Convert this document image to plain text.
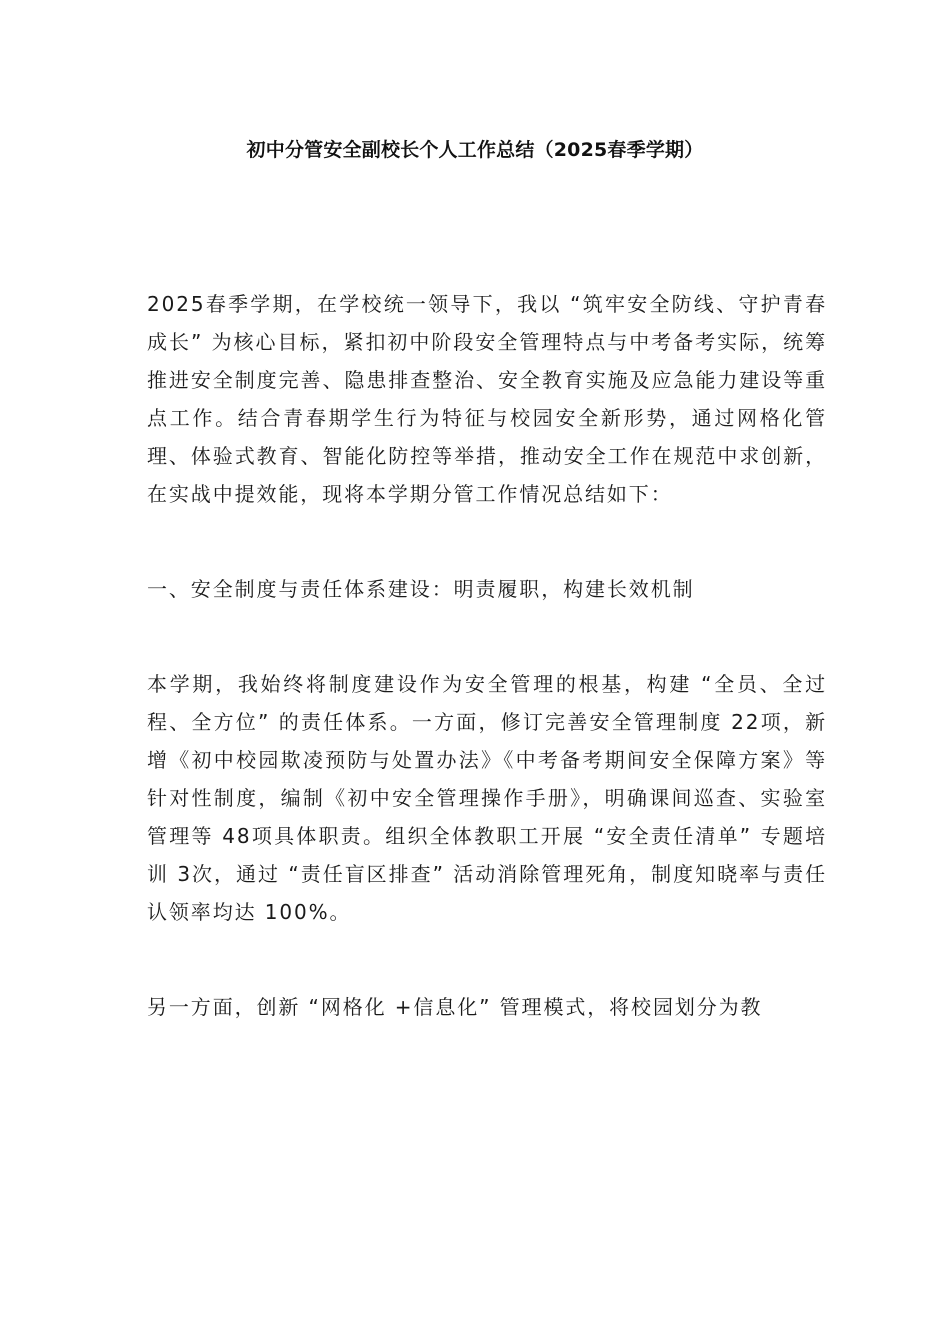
初中分管安全副校长个人工作总结（2025春季学期）

2025春季学期，在学校统一领导下，我以 “筑牢安全防线、守护青春成长” 为核心目标，紧扣初中阶段安全管理特点与中考备考实际，统筹推进安全制度完善、隐患排查整治、安全教育实施及应急能力建设等重点工作。结合青春期学生行为特征与校园安全新形势，通过网格化管理、体验式教育、智能化防控等举措，推动安全工作在规范中求创新，在实战中提效能，现将本学期分管工作情况总结如下：

一、安全制度与责任体系建设：明责履职，构建长效机制

本学期，我始终将制度建设作为安全管理的根基，构建 “全员、全过程、全方位” 的责任体系。一方面，修订完善安全管理制度 22项，新增《初中校园欺凌预防与处置办法》《中考备考期间安全保障方案》等针对性制度，编制《初中安全管理操作手册》，明确课间巡查、实验室管理等 48项具体职责。组织全体教职工开展 “安全责任清单” 专题培训 3次，通过 “责任盲区排查” 活动消除管理死角，制度知晓率与责任认领率均达 100%。

另一方面，创新 “网格化 +信息化” 管理模式，将校园划分为教
